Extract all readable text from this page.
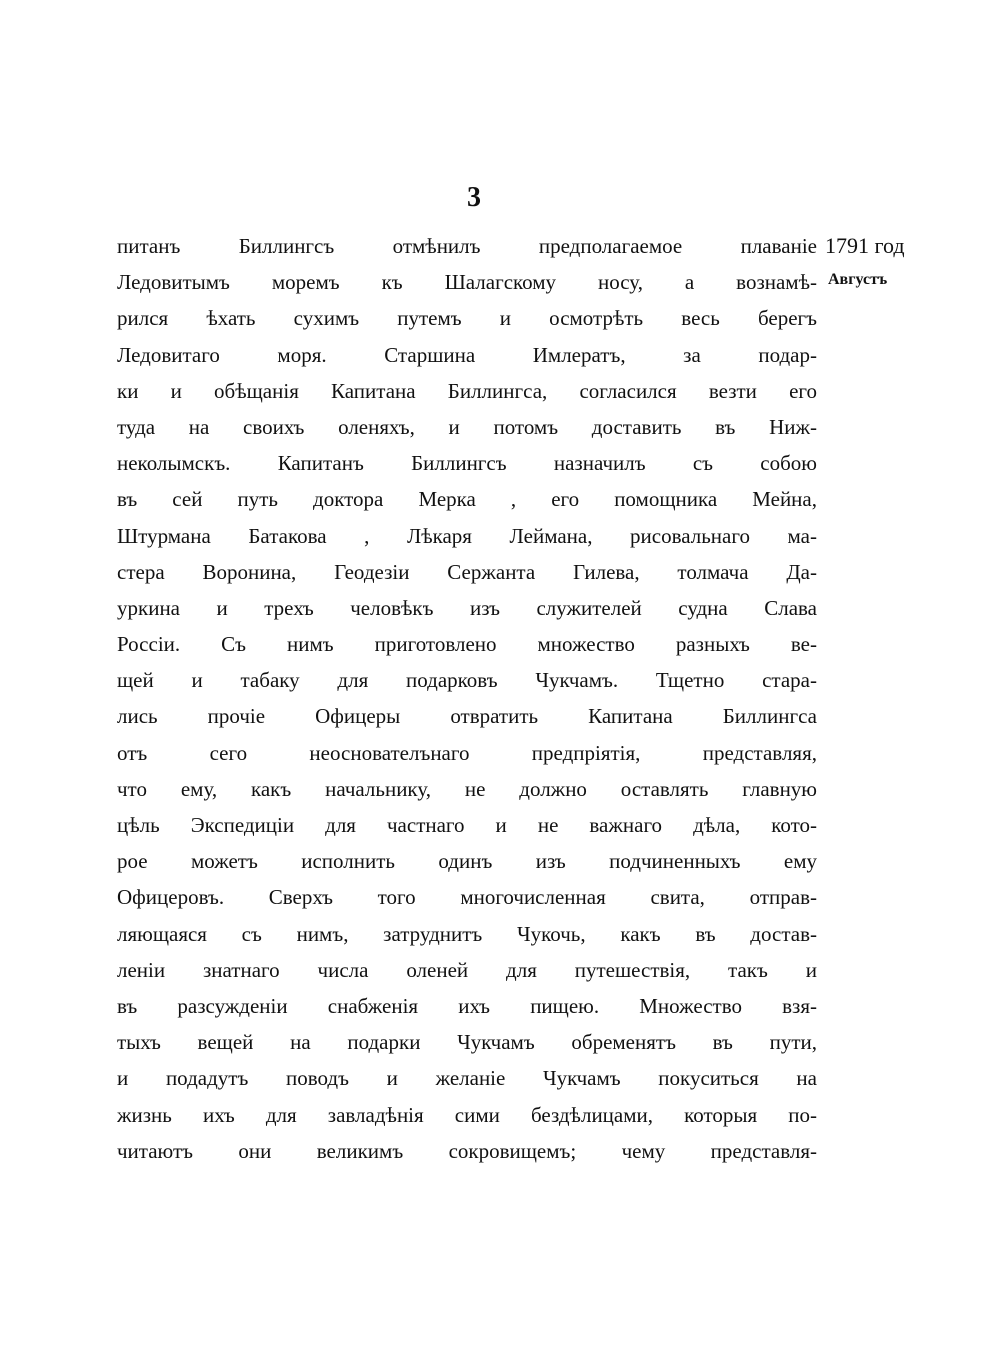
3
1791 год
Августъ
питанъ Биллингсъ отмѣнилъ предполагаемое плаваніе
Ледовитымъ моремъ къ Шалагскому носу, а вознамѣ-
рился ѣхать сухимъ путемъ и осмотрѣть весь берегъ
Ледовитаго моря. Старшина Имлератъ, за подар-
ки и обѣщанія Капитана Биллингса, согласился везти его
туда на своихъ оленяхъ, и потомъ доставить въ Ниж-
неколымскъ. Капитанъ Биллингсъ назначилъ съ собою
въ сей путь доктора Мерка , его помощника Мейна,
Штурмана Батакова , Лѣкаря Леймана, рисовальнаго ма-
стера Воронина, Геодезіи Сержанта Гилева, толмача Да-
уркина и трехъ человѣкъ изъ служителей судна Слава
Россіи. Съ нимъ приготовлено множество разныхъ ве-
щей и табаку для подарковъ Чукчамъ. Тщетно стара-
лись прочіе Офицеры отвратить Капитана Биллингса
отъ сего неоснователънаго предпріятія, представляя,
что ему, какъ начальнику, не должно оставлять главную
цѣль Экспедиціи для частнаго и не важнаго дѣла, кото-
рое можетъ исполнить одинъ изъ подчиненныхъ ему
Офицеровъ. Сверхъ того многочисленная свита, отправ-
ляющаяся съ нимъ, затруднитъ Чукочь, какъ въ достав-
леніи знатнаго числа оленей для путешествія, такъ и
въ разсужденіи снабженія ихъ пищею. Множество взя-
тыхъ вещей на подарки Чукчамъ обременятъ въ пути,
и подадутъ поводъ и желаніе Чукчамъ покуситься на
жизнь ихъ для завладѣнія сими бездѣлицами, которыя по-
читаютъ они великимъ сокровищемъ; чему представля-
